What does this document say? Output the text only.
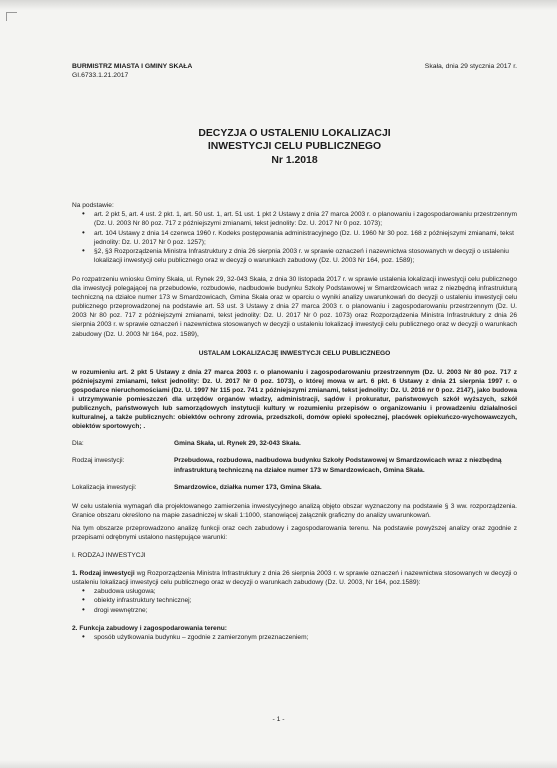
BURMISTRZ MIASTA I GMINY SKAŁA
GI.6733.1.21.2017
Skała, dnia 29 stycznia 2017 r.
DECYZJA O USTALENIU LOKALIZACJI
INWESTYCJI CELU PUBLICZNEGO
Nr 1.2018
Na podstawie:
• art. 2 pkt 5, art. 4 ust. 2 pkt. 1, art. 50 ust. 1, art. 51 ust. 1 pkt 2 Ustawy z dnia 27 marca 2003 r. o planowaniu i zagospodarowaniu przestrzennym (Dz. U. 2003 Nr 80 poz. 717 z późniejszymi zmianami, tekst jednolity: Dz. U. 2017 Nr 0 poz. 1073);
• art. 104 Ustawy z dnia 14 czerwca 1960 r. Kodeks postępowania administracyjnego (Dz. U. 1960 Nr 30 poz. 168 z późniejszymi zmianami, tekst jednolity: Dz. U. 2017 Nr 0 poz. 1257);
• §2, §3 Rozporządzenia Ministra Infrastruktury z dnia 26 sierpnia 2003 r. w sprawie oznaczeń i nazewnictwa stosowanych w decyzji o ustaleniu lokalizacji inwestycji celu publicznego oraz w decyzji o warunkach zabudowy (Dz. U. 2003 Nr 164, poz. 1589);
Po rozpatrzeniu wniosku Gminy Skała, ul. Rynek 29, 32-043 Skała, z dnia 30 listopada 2017 r. w sprawie ustalenia lokalizacji inwestycji celu publicznego dla inwestycji polegającej na przebudowie, rozbudowie, nadbudowie budynku Szkoły Podstawowej w Smardzowicach wraz z niezbędną infrastrukturą techniczną na działce numer 173 w Smardzowicach, Gmina Skała oraz w oparciu o wyniki analizy uwarunkowań do decyzji o ustaleniu inwestycji celu publicznego przeprowadzonej na podstawie art. 53 ust. 3 Ustawy z dnia 27 marca 2003 r. o planowaniu i zagospodarowaniu przestrzennym (Dz. U. 2003 Nr 80 poz. 717 z późniejszymi zmianami, tekst jednolity: Dz. U. 2017 Nr 0 poz. 1073) oraz Rozporządzenia Ministra Infrastruktury z dnia 26 sierpnia 2003 r. w sprawie oznaczeń i nazewnictwa stosowanych w decyzji o ustaleniu lokalizacji inwestycji celu publicznego oraz w decyzji o warunkach zabudowy (Dz. U. 2003 Nr 164, poz. 1589),
USTALAM LOKALIZACJĘ INWESTYCJI CELU PUBLICZNEGO
w rozumieniu art. 2 pkt 5 Ustawy z dnia 27 marca 2003 r. o planowaniu i zagospodarowaniu przestrzennym (Dz. U. 2003 Nr 80 poz. 717 z późniejszymi zmianami, tekst jednolity: Dz. U. 2017 Nr 0 poz. 1073), o której mowa w art. 6 pkt. 6 Ustawy z dnia 21 sierpnia 1997 r. o gospodarce nieruchomościami (Dz. U. 1997 Nr 115 poz. 741 z późniejszymi zmianami, tekst jednolity: Dz. U. 2016 nr 0 poz. 2147), jako budowa i utrzymywanie pomieszczeń dla urzędów organów władzy, administracji, sądów i prokuratur, państwowych szkół wyższych, szkół publicznych, państwowych lub samorządowych instytucji kultury w rozumieniu przepisów o organizowaniu i prowadzeniu działalności kulturalnej, a także publicznych: obiektów ochrony zdrowia, przedszkoli, domów opieki społecznej, placówek opiekuńczo-wychowawczych, obiektów sportowych; .
Dla:	Gmina Skała, ul. Rynek 29, 32-043 Skała.
Rodzaj inwestycji:	Przebudowa, rozbudowa, nadbudowa budynku Szkoły Podstawowej w Smardzowicach wraz z niezbędną infrastrukturą techniczną na działce numer 173 w Smardzowicach, Gmina Skała.
Lokalizacja inwestycji:	Smardzowice, działka numer 173, Gmina Skała.
W celu ustalenia wymagań dla projektowanego zamierzenia inwestycyjnego analizą objęto obszar wyznaczony na podstawie § 3 ww. rozporządzenia. Granice obszaru określono na mapie zasadniczej w skali 1:1000, stanowiącej załącznik graficzny do analizy uwarunkowań.
Na tym obszarze przeprowadzono analizę funkcji oraz cech zabudowy i zagospodarowania terenu. Na podstawie powyższej analizy oraz zgodnie z przepisami odrębnymi ustalono następujące warunki:
I. RODZAJ INWESTYCJI
1. Rodzaj inwestycji wg Rozporządzenia Ministra Infrastruktury z dnia 26 sierpnia 2003 r. w sprawie oznaczeń i nazewnictwa stosowanych w decyzji o ustaleniu lokalizacji inwestycji celu publicznego oraz w decyzji o warunkach zabudowy (Dz. U. 2003, Nr 164, poz.1589):
• zabudowa usługowa;
• obiekty infrastruktury technicznej;
• drogi wewnętrzne;
2. Funkcja zabudowy i zagospodarowania terenu:
• sposób użytkowania budynku – zgodnie z zamierzonym przeznaczeniem;
- 1 -
